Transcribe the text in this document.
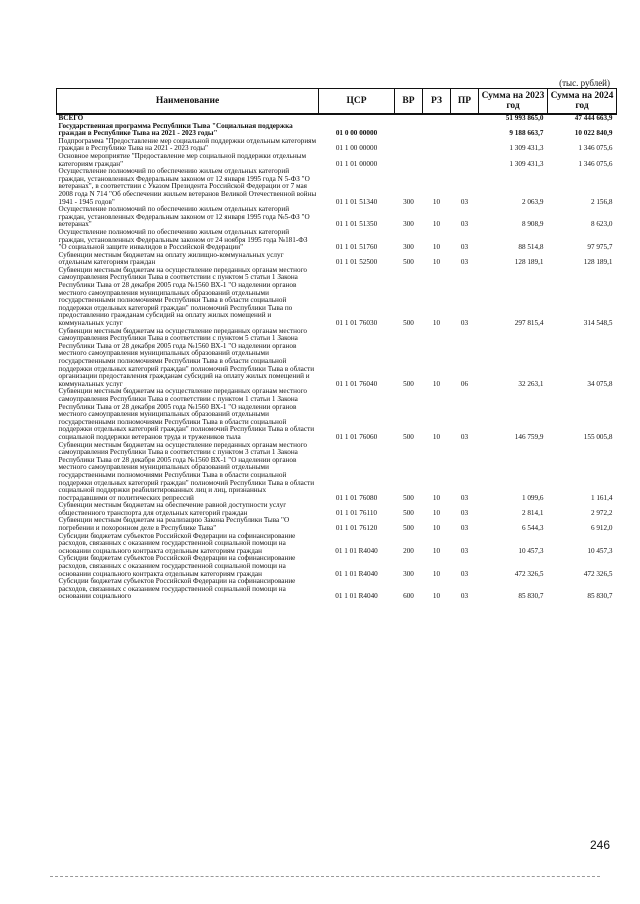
(тыс. рублей)
Наименование	ЦСР	ВР	РЗ	ПР	Сумма на 2023 год	Сумма на 2024 год
ВСЕГО					51 993 865,0	47 444 663,9
Государственная программа Республики Тыва "Социальная поддержка граждан в Республике Тыва на 2021 - 2023 годы"	01 0 00 00000				9 188 663,7	10 022 840,9
Подпрограмма "Предоставление мер социальной поддержки отдельным категориям граждан в Республике Тыва на 2021 - 2023 годы"	01 1 00 00000				1 309 431,3	1 346 075,6
Основное мероприятие "Предоставление мер социальной поддержки отдельным категориям граждан"	01 1 01 00000				1 309 431,3	1 346 075,6
Осуществление полномочий по обеспечению жильем отдельных категорий граждан, установленных Федеральным законом от 12 января 1995 года N 5-ФЗ "О ветеранах", в соответствии с Указом Президента Российской Федерации от 7 мая 2008 года N 714 "Об обеспечении жильем ветеранов Великой Отечественной войны 1941 - 1945 годов"	01 1 01 51340	300	10	03	2 063,9	2 156,8
Осуществление полномочий по обеспечению жильем отдельных категорий граждан, установленных Федеральным законом от 12 января 1995 года №5-ФЗ "О ветеранах"	01 1 01 51350	300	10	03	8 908,9	8 623,0
Осуществление полномочий по обеспечению жильем отдельных категорий граждан, установленных Федеральным законом от 24 ноября 1995 года №181-ФЗ "О социальной защите инвалидов в Российской Федерации"	01 1 01 51760	300	10	03	88 514,8	97 975,7
Субвенции местным бюджетам на оплату жилищно-коммунальных услуг отдельным категориям граждан	01 1 01 52500	500	10	03	128 189,1	128 189,1
Субвенции местным бюджетам на осуществление переданных органам местного самоуправления Республики Тыва в соответствии с пунктом 5 статьи 1 Закона Республики Тыва от 28 декабря 2005 года №1560 ВХ-1 "О наделении органов местного самоуправления муниципальных образований отдельными государственными полномочиями Республики Тыва в области социальной поддержки отдельных категорий граждан" полномочий Республики Тыва по предоставлению гражданам субсидий на оплату жилых помещений и коммунальных услуг	01 1 01 76030	500	10	03	297 815,4	314 548,5
Субвенции местным бюджетам на осуществление переданных органам местного самоуправления Республики Тыва в соответствии с пунктом 5 статьи 1 Закона Республики Тыва от 28 декабря 2005 года №1560 ВХ-1 "О наделении органов местного самоуправления муниципальных образований отдельными государственными полномочиями Республики Тыва в области социальной поддержки отдельных категорий граждан" полномочий Республики Тыва в области организации предоставления гражданам субсидий на оплату жилых помещений и коммунальных услуг	01 1 01 76040	500	10	06	32 263,1	34 075,8
Субвенции местным бюджетам на осуществление переданных органам местного самоуправления Республики Тыва в соответствии с пунктом 1 статьи 1 Закона Республики Тыва от 28 декабря 2005 года №1560 ВХ-1 "О наделении органов местного самоуправления муниципальных образований отдельными государственными полномочиями Республики Тыва в области социальной поддержки отдельных категорий граждан" полномочий Республики Тыва в области социальной поддержки ветеранов труда и тружеников тыла	01 1 01 76060	500	10	03	146 759,9	155 005,8
Субвенции местным бюджетам на осуществление переданных органам местного самоуправления Республики Тыва в соответствии с пунктом 3 статьи 1 Закона Республики Тыва от 28 декабря 2005 года №1560 ВХ-1 "О наделении органов местного самоуправления муниципальных образований отдельными государственными полномочиями Республики Тыва в области социальной поддержки отдельных категорий граждан" полномочий Республики Тыва в области социальной поддержки реабилитированных лиц и лиц, признанных пострадавшими от политических репрессий	01 1 01 76080	500	10	03	1 099,6	1 161,4
Субвенции местным бюджетам на обеспечение равной доступности услуг общественного транспорта для отдельных категорий граждан	01 1 01 76110	500	10	03	2 814,1	2 972,2
Субвенции местным бюджетам на реализацию Закона Республики Тыва "О погребении и похоронном деле в Республике Тыва"	01 1 01 76120	500	10	03	6 544,3	6 912,0
Субсидии бюджетам субъектов Российской Федерации на софинансирование расходов, связанных с оказанием государственной социальной помощи на основании социального контракта отдельным категориям граждан	01 1 01 R4040	200	10	03	10 457,3	10 457,3
Субсидии бюджетам субъектов Российской Федерации на софинансирование расходов, связанных с оказанием государственной социальной помощи на основании социального контракта отдельным категориям граждан	01 1 01 R4040	300	10	03	472 326,5	472 326,5
Субсидии бюджетам субъектов Российской Федерации на софинансирование расходов, связанных с оказанием государственной социальной помощи на основании социального	01 1 01 R4040	600	10	03	85 830,7	85 830,7
246
